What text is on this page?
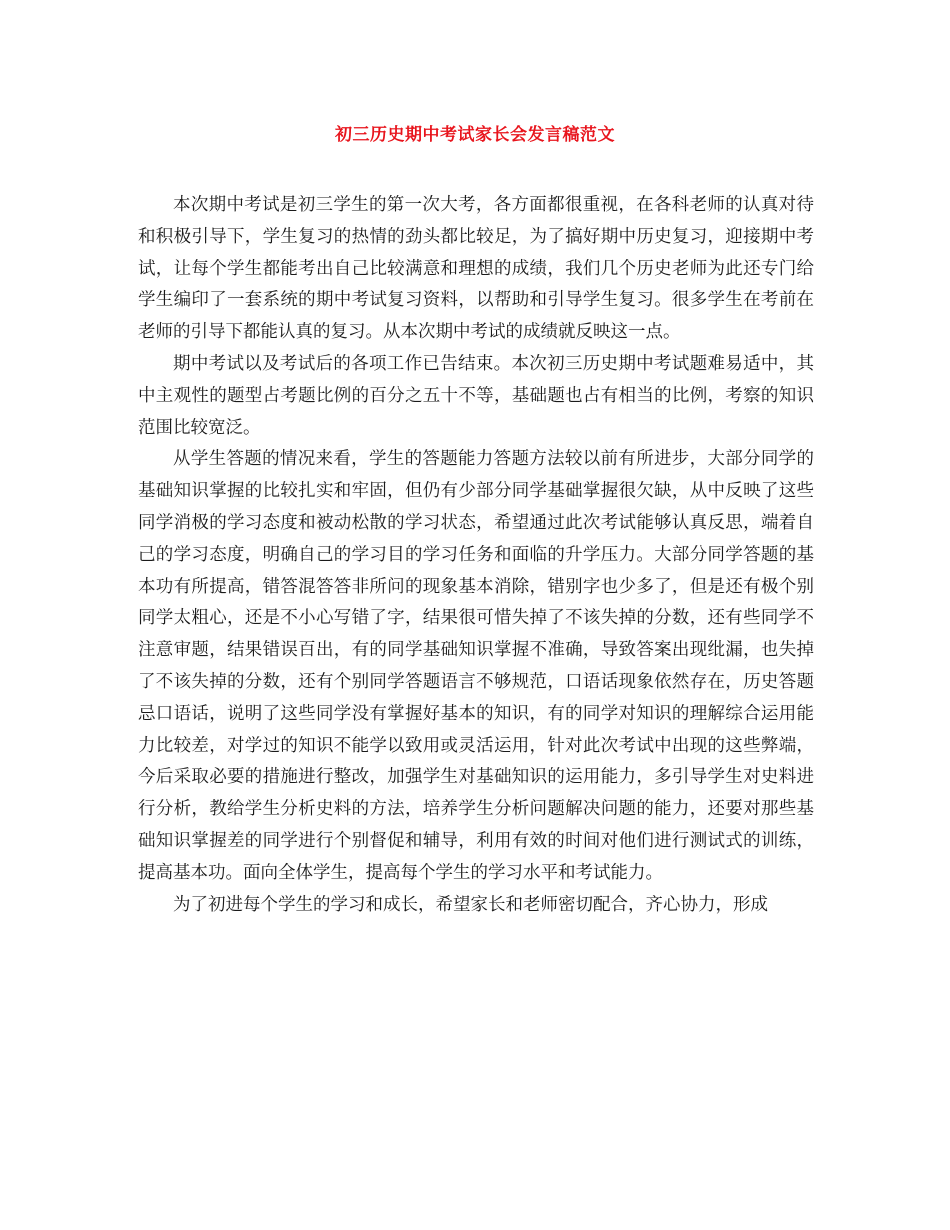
初三历史期中考试家长会发言稿范文

本次期中考试是初三学生的第一次大考，各方面都很重视，在各科老师的认真对待和积极引导下，学生复习的热情的劲头都比较足，为了搞好期中历史复习，迎接期中考试，让每个学生都能考出自己比较满意和理想的成绩，我们几个历史老师为此还专门给学生编印了一套系统的期中考试复习资料，以帮助和引导学生复习。很多学生在考前在老师的引导下都能认真的复习。从本次期中考试的成绩就反映这一点。

期中考试以及考试后的各项工作已告结束。本次初三历史期中考试题难易适中，其中主观性的题型占考题比例的百分之五十不等，基础题也占有相当的比例，考察的知识范围比较宽泛。

从学生答题的情况来看，学生的答题能力答题方法较以前有所进步，大部分同学的基础知识掌握的比较扎实和牢固，但仍有少部分同学基础掌握很欠缺，从中反映了这些同学消极的学习态度和被动松散的学习状态，希望通过此次考试能够认真反思，端着自己的学习态度，明确自己的学习目的学习任务和面临的升学压力。大部分同学答题的基本功有所提高，错答混答答非所问的现象基本消除，错别字也少多了，但是还有极个别同学太粗心，还是不小心写错了字，结果很可惜失掉了不该失掉的分数，还有些同学不注意审题，结果错误百出，有的同学基础知识掌握不准确，导致答案出现纰漏，也失掉了不该失掉的分数，还有个别同学答题语言不够规范，口语话现象依然存在，历史答题忌口语话，说明了这些同学没有掌握好基本的知识，有的同学对知识的理解综合运用能力比较差，对学过的知识不能学以致用或灵活运用，针对此次考试中出现的这些弊端，今后采取必要的措施进行整改，加强学生对基础知识的运用能力，多引导学生对史料进行分析，教给学生分析史料的方法，培养学生分析问题解决问题的能力，还要对那些基础知识掌握差的同学进行个别督促和辅导，利用有效的时间对他们进行测试式的训练，提高基本功。面向全体学生，提高每个学生的学习水平和考试能力。

为了初进每个学生的学习和成长，希望家长和老师密切配合，齐心协力，形成
